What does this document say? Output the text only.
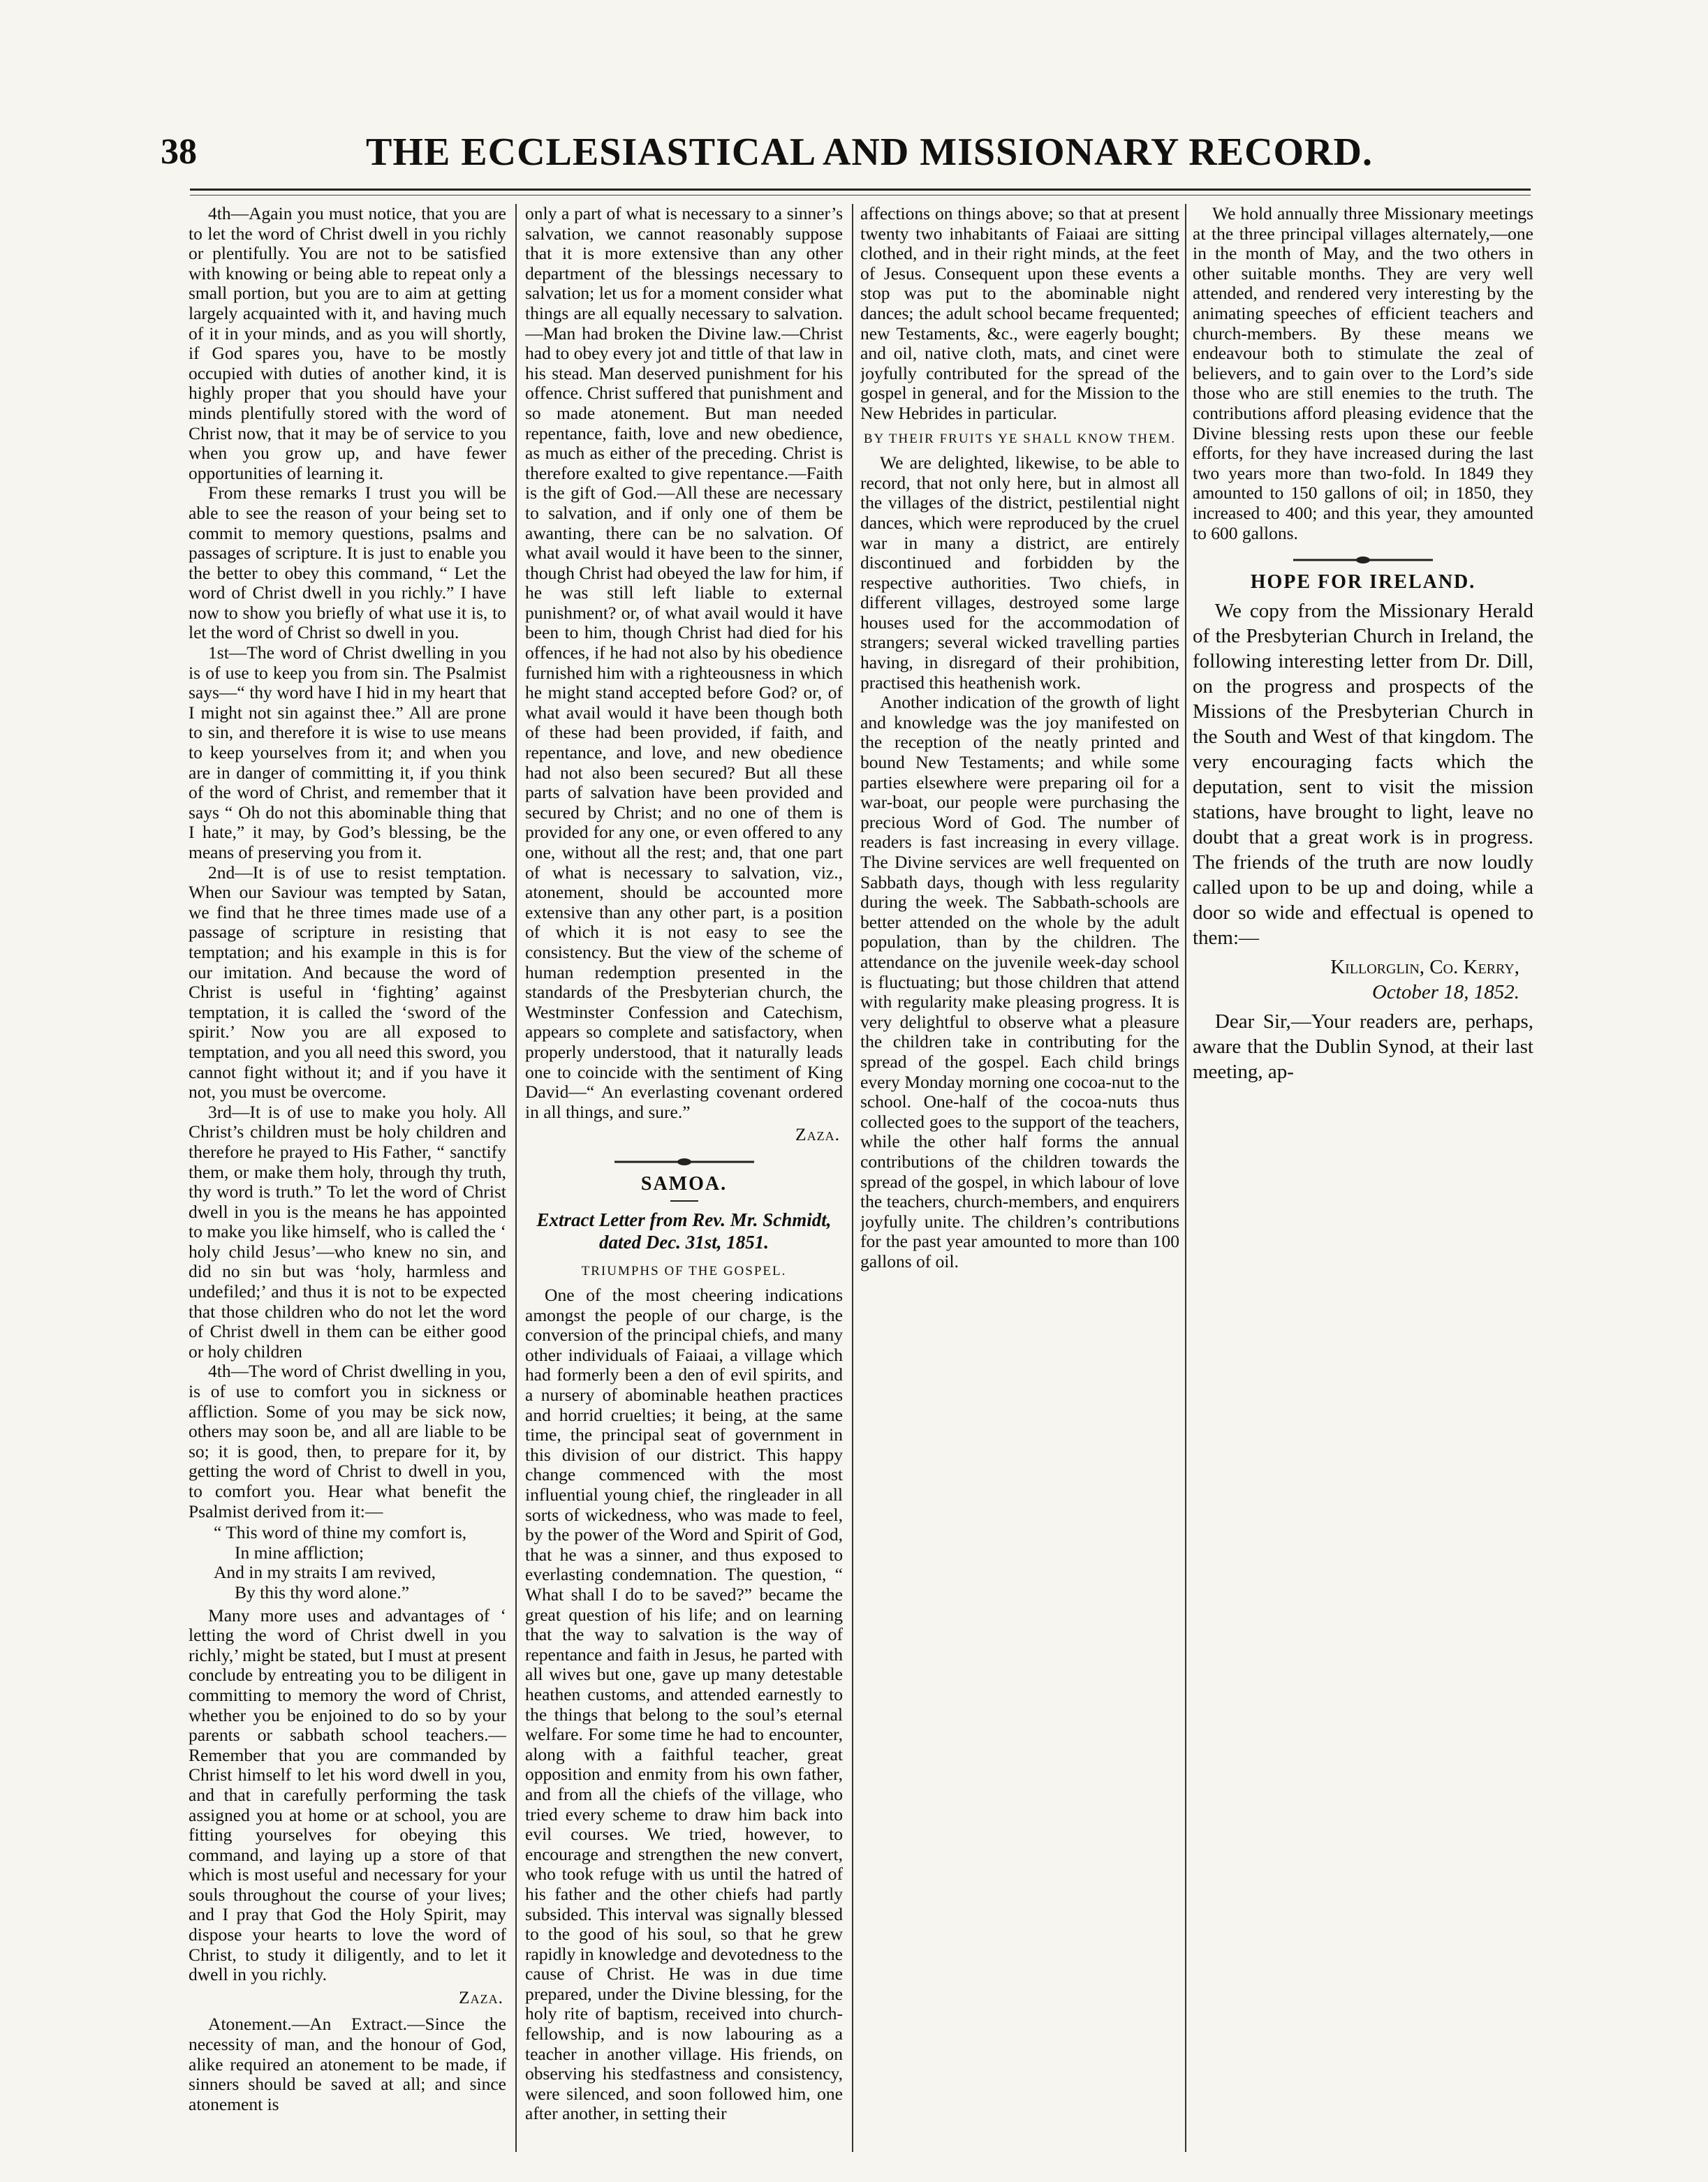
38	THE ECCLESIASTICAL AND MISSIONARY RECORD.

4th—Again you must notice, that you are to let the word of Christ dwell in you richly or plentifully. You are not to be satisfied with knowing or being able to repeat only a small portion, but you are to aim at getting largely acquainted with it, and having much of it in your minds, and as you will shortly, if God spares you, have to be mostly occupied with duties of another kind, it is highly proper that you should have your minds plentifully stored with the word of Christ now, that it may be of service to you when you grow up, and have fewer opportunities of learning it.

From these remarks I trust you will be able to see the reason of your being set to commit to memory questions, psalms and passages of scripture. It is just to enable you the better to obey this command, “ Let the word of Christ dwell in you richly.” I have now to show you briefly of what use it is, to let the word of Christ so dwell in you.

1st—The word of Christ dwelling in you is of use to keep you from sin. The Psalmist says—“ thy word have I hid in my heart that I might not sin against thee.” All are prone to sin, and therefore it is wise to use means to keep yourselves from it; and when you are in danger of committing it, if you think of the word of Christ, and remember that it says “ Oh do not this abominable thing that I hate,” it may, by God’s blessing, be the means of preserving you from it.

2nd—It is of use to resist temptation. When our Saviour was tempted by Satan, we find that he three times made use of a passage of scripture in resisting that temptation; and his example in this is for our imitation. And because the word of Christ is useful in ‘fighting’ against temptation, it is called the ‘sword of the spirit.’ Now you are all exposed to temptation, and you all need this sword, you cannot fight without it; and if you have it not, you must be overcome.

3rd—It is of use to make you holy. All Christ’s children must be holy children and therefore he prayed to His Father, “ sanctify them, or make them holy, through thy truth, thy word is truth.” To let the word of Christ dwell in you is the means he has appointed to make you like himself, who is called the ‘ holy child Jesus’—who knew no sin, and did no sin but was ‘holy, harmless and undefiled;’ and thus it is not to be expected that those children who do not let the word of Christ dwell in them can be either good or holy children

4th—The word of Christ dwelling in you, is of use to comfort you in sickness or affliction. Some of you may be sick now, others may soon be, and all are liable to be so; it is good, then, to prepare for it, by getting the word of Christ to dwell in you, to comfort you. Hear what benefit the Psalmist derived from it:—

“ This word of thine my comfort is,
In mine affliction;
And in my straits I am revived,
By this thy word alone.”

Many more uses and advantages of ‘ letting the word of Christ dwell in you richly,’ might be stated, but I must at present conclude by entreating you to be diligent in committing to memory the word of Christ, whether you be enjoined to do so by your parents or sabbath school teachers.—Remember that you are commanded by Christ himself to let his word dwell in you, and that in carefully performing the task assigned you at home or at school, you are fitting yourselves for obeying this command, and laying up a store of that which is most useful and necessary for your souls throughout the course of your lives; and I pray that God the Holy Spirit, may dispose your hearts to love the word of Christ, to study it diligently, and to let it dwell in you richly.

Zaza.

Atonement.—An Extract.—Since the necessity of man, and the honour of God, alike required an atonement to be made, if sinners should be saved at all; and since atonement is

only a part of what is necessary to a sinner’s salvation, we cannot reasonably suppose that it is more extensive than any other department of the blessings necessary to salvation; let us for a moment consider what things are all equally necessary to salvation.—Man had broken the Divine law.—Christ had to obey every jot and tittle of that law in his stead. Man deserved punishment for his offence. Christ suffered that punishment and so made atonement. But man needed repentance, faith, love and new obedience, as much as either of the preceding. Christ is therefore exalted to give repentance.—Faith is the gift of God.—All these are necessary to salvation, and if only one of them be awanting, there can be no salvation. Of what avail would it have been to the sinner, though Christ had obeyed the law for him, if he was still left liable to external punishment? or, of what avail would it have been to him, though Christ had died for his offences, if he had not also by his obedience furnished him with a righteousness in which he might stand accepted before God? or, of what avail would it have been though both of these had been provided, if faith, and repentance, and love, and new obedience had not also been secured? But all these parts of salvation have been provided and secured by Christ; and no one of them is provided for any one, or even offered to any one, without all the rest; and, that one part of what is necessary to salvation, viz., atonement, should be accounted more extensive than any other part, is a position of which it is not easy to see the consistency. But the view of the scheme of human redemption presented in the standards of the Presbyterian church, the Westminster Confession and Catechism, appears so complete and satisfactory, when properly understood, that it naturally leads one to coincide with the sentiment of King David—“ An everlasting covenant ordered in all things, and sure.”

Zaza.

SAMOA.

Extract Letter from Rev. Mr. Schmidt, dated Dec. 31st, 1851.

TRIUMPHS OF THE GOSPEL.

One of the most cheering indications amongst the people of our charge, is the conversion of the principal chiefs, and many other individuals of Faiaai, a village which had formerly been a den of evil spirits, and a nursery of abominable heathen practices and horrid cruelties; it being, at the same time, the principal seat of government in this division of our district. This happy change commenced with the most influential young chief, the ringleader in all sorts of wickedness, who was made to feel, by the power of the Word and Spirit of God, that he was a sinner, and thus exposed to everlasting condemnation. The question, “ What shall I do to be saved?” became the great question of his life; and on learning that the way to salvation is the way of repentance and faith in Jesus, he parted with all wives but one, gave up many detestable heathen customs, and attended earnestly to the things that belong to the soul’s eternal welfare. For some time he had to encounter, along with a faithful teacher, great opposition and enmity from his own father, and from all the chiefs of the village, who tried every scheme to draw him back into evil courses. We tried, however, to encourage and strengthen the new convert, who took refuge with us until the hatred of his father and the other chiefs had partly subsided. This interval was signally blessed to the good of his soul, so that he grew rapidly in knowledge and devotedness to the cause of Christ. He was in due time prepared, under the Divine blessing, for the holy rite of baptism, received into church-fellowship, and is now labouring as a teacher in another village. His friends, on observing his stedfastness and consistency, were silenced, and soon followed him, one after another, in setting their

affections on things above; so that at present twenty two inhabitants of Faiaai are sitting clothed, and in their right minds, at the feet of Jesus. Consequent upon these events a stop was put to the abominable night dances; the adult school became frequented; new Testaments, &c., were eagerly bought; and oil, native cloth, mats, and cinet were joyfully contributed for the spread of the gospel in general, and for the Mission to the New Hebrides in particular.

BY THEIR FRUITS YE SHALL KNOW THEM.

We are delighted, likewise, to be able to record, that not only here, but in almost all the villages of the district, pestilential night dances, which were reproduced by the cruel war in many a district, are entirely discontinued and forbidden by the respective authorities. Two chiefs, in different villages, destroyed some large houses used for the accommodation of strangers; several wicked travelling parties having, in disregard of their prohibition, practised this heathenish work.

Another indication of the growth of light and knowledge was the joy manifested on the reception of the neatly printed and bound New Testaments; and while some parties elsewhere were preparing oil for a war-boat, our people were purchasing the precious Word of God. The number of readers is fast increasing in every village. The Divine services are well frequented on Sabbath days, though with less regularity during the week. The Sabbath-schools are better attended on the whole by the adult population, than by the children. The attendance on the juvenile week-day school is fluctuating; but those children that attend with regularity make pleasing progress. It is very delightful to observe what a pleasure the children take in contributing for the spread of the gospel. Each child brings every Monday morning one cocoa-nut to the school. One-half of the cocoa-nuts thus collected goes to the support of the teachers, while the other half forms the annual contributions of the children towards the spread of the gospel, in which labour of love the teachers, church-members, and enquirers joyfully unite. The children’s contributions for the past year amounted to more than 100 gallons of oil.

We hold annually three Missionary meetings at the three principal villages alternately,—one in the month of May, and the two others in other suitable months. They are very well attended, and rendered very interesting by the animating speeches of efficient teachers and church-members. By these means we endeavour both to stimulate the zeal of believers, and to gain over to the Lord’s side those who are still enemies to the truth. The contributions afford pleasing evidence that the Divine blessing rests upon these our feeble efforts, for they have increased during the last two years more than two-fold. In 1849 they amounted to 150 gallons of oil; in 1850, they increased to 400; and this year, they amounted to 600 gallons.

HOPE FOR IRELAND.

We copy from the Missionary Herald of the Presbyterian Church in Ireland, the following interesting letter from Dr. Dill, on the progress and prospects of the Missions of the Presbyterian Church in the South and West of that kingdom. The very encouraging facts which the deputation, sent to visit the mission stations, have brought to light, leave no doubt that a great work is in progress. The friends of the truth are now loudly called upon to be up and doing, while a door so wide and effectual is opened to them:—

Killorglin, Co. Kerry,

October 18, 1852.

Dear Sir,—Your readers are, perhaps, aware that the Dublin Synod, at their last meeting, ap-
